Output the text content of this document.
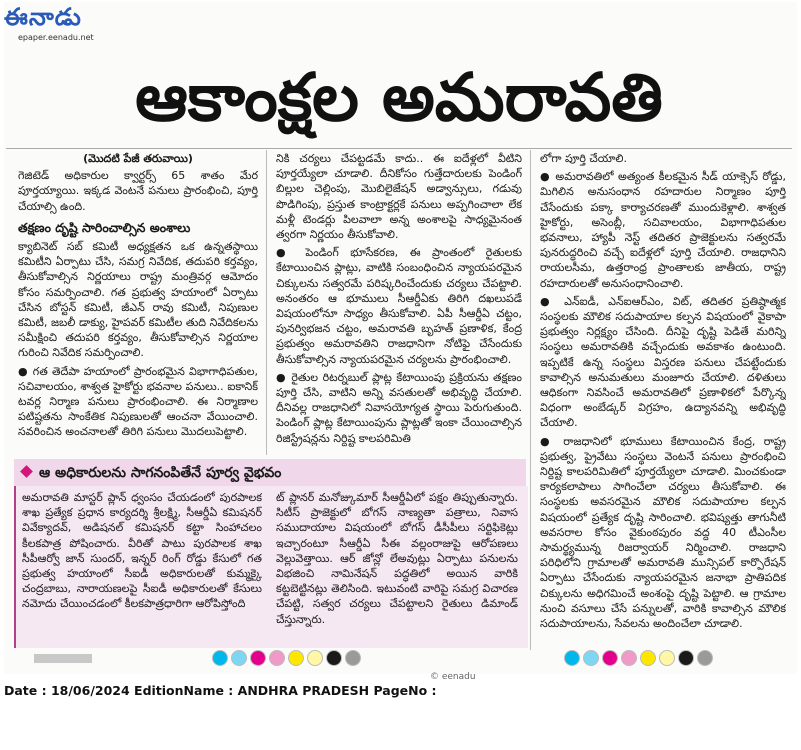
ఈనాడు
epaper.eenadu.net
ఆకాంక్షల అమరావతి
(మొదటి పేజీ తరువాయి)

గెజిటెడ్ అధికారుల క్వార్టర్స్ 65 శాతం మేర పూర్తయ్యాయి. ఇక్కడ వెంటనే పనులు ప్రారంభించి, పూర్తి చేయాల్సి ఉంది.

తక్షణం దృష్టి సారించాల్సిన అంశాలు

క్యాబినెట్ సబ్ కమిటీ అధ్యక్షతన ఒక ఉన్నతస్థాయి కమిటీని ఏర్పాటు చేసి, సమగ్ర నివేదిక, తదుపరి కర్తవ్యం, తీసుకోవాల్సిన నిర్ణయాలు రాష్ట్ర మంత్రివర్గ ఆమోదం కోసం సమర్పించాలి. గత ప్రభుత్వ హయాంలో ఏర్పాటు చేసిన బోస్టన్ కమిటీ, జీఎన్ రావు కమిటీ, నిపుణుల కమిటీ, జబలీ డాక్యు, హైపవర్ కమిటీల తుది నివేదికలను సమీక్షించి తదుపరి కర్తవ్యం, తీసుకోవాల్సిన నిర్ణయాల గురించి నివేదిక సమర్పించాలి.

● గత తెదేపా హయాంలో ప్రారంభమైన విభాగాధిపతుల, సచివాలయం, శాశ్వత హైకోర్టు భవనాల పనులు.. ఐకానిక్ టవర్ల నిర్మాణ పనులు ప్రారంభించాలి. ఈ నిర్మాణాల పటిష్టతను సాంకేతిక నిపుణులతో ఆంచనా వేయించాలి. సవరించిన అంచనాలతో తిరిగి పనులు మొదలుపెట్టాలి.

నికి చర్యలు చేపట్టడమే కాదు.. ఈ ఐదేళ్లలో వీటిని పూర్తయ్యేలా చూడాలి. దీనికోసం గుత్తేదారులకు పెండింగ్ బిల్లుల చెల్లింపు, మొబిలైజేషన్ అడ్వాన్సులు, గడువు పొడిగింపు, ప్రస్తుత కాంట్రాక్టర్లకే పనులు అప్పగించాలా లేక మళ్లీ టెండర్లు పిలవాలా అన్న అంశాలపై సాధ్యమైనంత త్వరగా నిర్ణయం తీసుకోవాలి.

● పెండింగ్ భూసేకరణ, ఈ ప్రాంతంలో రైతులకు కేటాయించిన ప్లాట్లు, వాటికి సంబంధించిన న్యాయపరమైన చిక్కులను సత్వరమే పరిష్కరించేందుకు చర్యలు చేపట్టాలి. అనంతరం ఆ భూములు సీఆర్డీఏకు తిరిగి దఖలుపడే విషయంలోనూ సాధ్యం తీసుకోవాలి. ఏపీ సీఆర్డీఏ చట్టం, పునర్విభజన చట్టం, అమరావతి బృహత్ ప్రణాళిక, కేంద్ర ప్రభుత్వం అమరావతిని రాజధానిగా నోటిఫై చేసేందుకు తీసుకోవాల్సిన న్యాయపరమైన చర్యలను ప్రారంభించాలి.

● రైతుల రిటర్నబుల్ ప్లాట్ల కేటాయింపు ప్రక్రియను తక్షణం పూర్తి చేసి, వాటిని అన్ని వసతులతో అభివృద్ధి చేయాలి. దీనివల్ల రాజధానిలో నివాసయోగ్యత స్థాయి పెరుగుతుంది. పెండింగ్ ప్లాట్ల కేటాయింపును ప్లాట్లతో ఇంకా చేయించాల్సిన రిజిస్ట్రేషన్లను నిర్దిష్ట కాలపరిమితి

లోగా పూర్తి చేయాలి.

● అమరావతిలో అత్యంత కీలకమైన సీడ్ యాక్సెస్ రోడ్డు, మిగిలిన అనుసంధాన రహదారుల నిర్మాణం పూర్తి చేసేందుకు పక్కా కార్యాచరణతో ముందుకెళ్లాలి. శాశ్వత హైకోర్టు, అసెంబ్లీ, సచివాలయం, విభాగాధిపతుల భవనాలు, హ్యాపీ నెస్ట్ తదితర ప్రాజెక్టులను సత్వరమే పునరుద్ధరించి వచ్చే ఐదేళ్లలో పూర్తి చేయాలి. రాజధానిని రాయలసీమ, ఉత్తరాంధ్ర ప్రాంతాలకు జాతీయ, రాష్ట్ర రహదారులతో అనుసంధానించాలి.

● ఎన్ఐడీ, ఎన్ఐఆర్ఎం, విట్, తదితర ప్రతిష్ఠాత్మక సంస్థలకు మౌలిక సదుపాయాల కల్పన విషయంలో వైకాపా ప్రభుత్వం నిర్లక్ష్యం చేసింది. దీనిపై దృష్టి పెడితే మరిన్ని సంస్థలు అమరావతికి వచ్చేందుకు అవకాశం ఉంటుంది. ఇప్పటికే ఉన్న సంస్థలు విస్తరణ పనులు చేపట్టేందుకు కావాల్సిన అనుమతులు మంజూరు చేయాలి. దళితులు ఆధికంగా నివసించే అమరావతిలో ప్రణాళికలో పేర్కొన్న విధంగా అంబేడ్కర్ విగ్రహం, ఉద్యానవన్ని అభివృద్ధి చేయాలి.

● రాజధానిలో భూములు కేటాయించిన కేంద్ర, రాష్ట్ర ప్రభుత్వ, ప్రైవేటు సంస్థలు వెంటనే పనులు ప్రారంభించి నిర్దిష్ట కాలపరిమితిలో పూర్తయ్యేలా చూడాలి. మించకుండా కార్యకలాపాలు సాగించేలా చర్యలు తీసుకోవాలి. ఈ సంస్థలకు అవసరమైన మౌలిక సదుపాయాల కల్పన విషయంలో ప్రత్యేక దృష్టి సారించాలి. భవిష్యత్తు తాగునీటి అవసరాల కోసం వైకుంఠపురం వద్ద 40 టీఎంసీల సామర్థ్యమున్న రిజర్వాయర్ నిర్మించాలి. రాజధాని పరిధిలోని గ్రామాలతో అమరావతి మున్సిపల్ కార్పొరేషన్ ఏర్పాటు చేసేందుకు న్యాయపరమైన జనాభా ప్రాతిపదిక చిక్కులను అధిగమించే అంశంపై దృష్టి పెట్టాలి. ఆ గ్రామాల నుంచి వసూలు చేసే పన్నులతో, వారికి కావాల్సిన మౌలిక సదుపాయాలను, సేవలను అందించేలా చూడాలి.

ఆ అధికారులను సాగనంపితేనే పూర్వ వైభవం

అమరావతి మాస్టర్ ప్లాన్ ధ్వంసం చేయడంలో పురపాలక శాఖ ప్రత్యేక ప్రధాన కార్యదర్శి శ్రీలక్ష్మి, సీఆర్డీఏ కమిషనర్ వివేక్యాదవ్, అడిషనల్ కమిషనర్ కట్టా సింహాచలం కీలకపాత్ర పోషించారు. వీరితో పాటు పురపాలక శాఖ సీపీఆర్వో జాన్ సుందర్, ఇన్నర్ రింగ్ రోడ్డు కేసులో గత ప్రభుత్వ హయాంలో సీఐడీ అధికారులతో కుమ్మక్కై చంద్రబాబు, నారాయణలపై సీఐడీ అధికారులతో కేసులు నమోదు చేయించడంలో కీలకపాత్రధారిగా ఆరోపిస్తోంది

ట్ ప్లానర్ మనోజ్కుమార్ సీఆర్డీఏలో పక్షం తిప్పుతున్నారు. సిటీస్ ప్రాజెక్టులో బోగస్ నాణ్యతా పత్రాలు, నివాస సముదాయాల విషయంలో బోగస్ డీసీపీలు సర్టిఫికెట్లు ఇచ్చారంటూ సీఆర్డీఏ సీఈ వల్లంరాజుపై ఆరోపణలు వెల్లువెత్తాయి. ఆర్ జోన్లో లేఅవుట్లు ఏర్పాటు పనులను విభజించి నామినేషన్ పద్ధతిలో అయిన వారికి కట్టబెట్టినట్లు తెలిసింది. ఇటువంటి వారిపై సమగ్ర విచారణ చేపట్టి, సత్వర చర్యలు చేపట్టాలని రైతులు డిమాండ్ చేస్తున్నారు.

© eenadu
Date : 18/06/2024 EditionName : ANDHRA PRADESH PageNo :
